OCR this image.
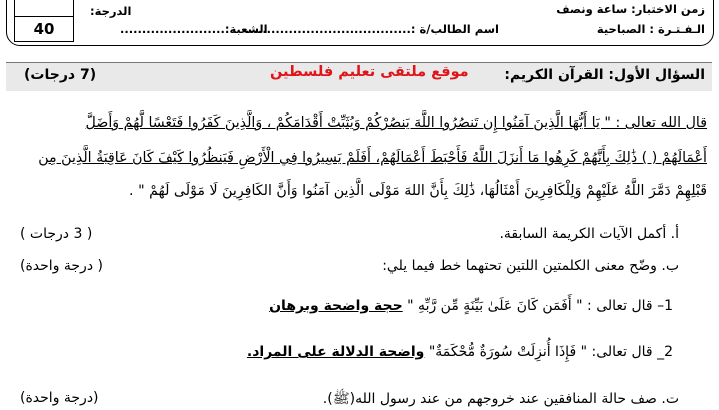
40
زمن الاختبار: ساعة ونصف
الـفـتـرة : الصباحية
اسم الطالب/ة :......................................
الشعبة:........................
الدرجة:
السؤال الأول: القرآن الكريم:
موقع ملتقى تعليم فلسطين
(7 درجات)
قال الله تعالى : " يَا أَيُّهَا الَّذِينَ آمَنُوا إِن تَنصُرُوا اللَّهَ يَنصُرْكُمْ وَيُثَبِّتْ أَقْدَامَكُمْ ، وَالَّذِينَ كَفَرُوا فَتَعْسًا لَّهُمْ وَأَضَلَّ
أَعْمَالَهُمْ ( ) ذَٰلِكَ بِأَنَّهُمْ كَرِهُوا مَا أَنزَلَ اللَّهُ فَأَحْبَطَ أَعْمَالَهُمْ، أَفَلَمْ يَسِيرُوا فِي الْأَرْضِ فَيَنظُرُوا كَيْفَ كَانَ عَاقِبَةُ الَّذِينَ مِن
قَبْلِهِمْ دَمَّرَ اللَّهُ عَلَيْهِمْ وَلِلْكَافِرِينَ أَمْثَالُهَا، ذَٰلِكَ بِأَنَّ اللهَ مَوْلَى الَّذِين آمَنُوا وَأَنَّ الكَافِرِينَ لَا مَوْلَى لَهُمْ " .
أ. أكمل الآيات الكريمة السابقة.
( 3 درجات )
ب. وضّح معنى الكلمتين اللتين تحتهما خط فيما يلي:
( درجة واحدة)
1– قال تعالى : " أَفَمَن كَانَ عَلَىٰ بَيِّنَةٍ مِّن رَّبِّهِ " حجة واضحة وبرهان
2_ قال تعالى: " فَإِذَا أُنزِلَتْ سُورَةٌ مُّحْكَمَةٌ" واضحة الدلالة على المراد.
ت. صف حالة المنافقين عند خروجهم من عند رسول الله(ﷺ).
(درجة واحدة)
